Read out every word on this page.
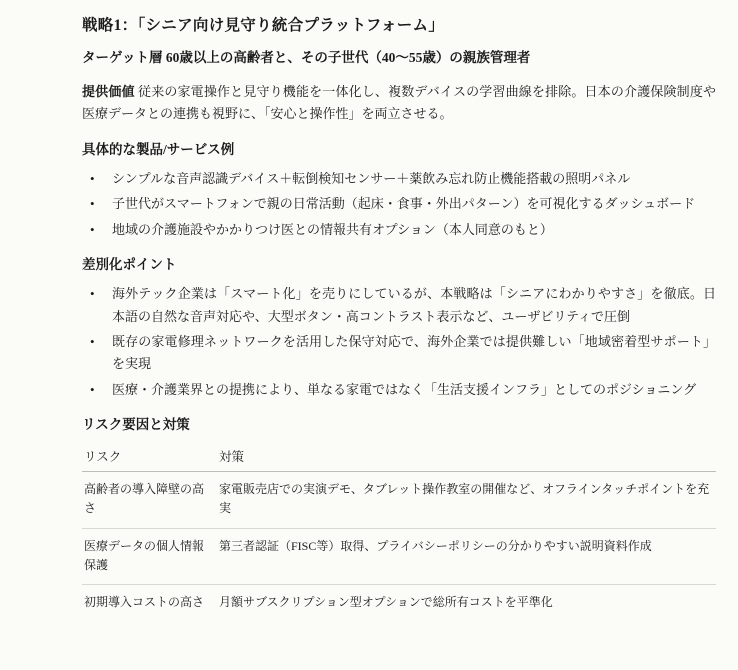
戦略1：「シニア向け見守り統合プラットフォーム」

ターゲット層 60歳以上の高齢者と、その子世代（40〜55歳）の親族管理者

提供価値 従来の家電操作と見守り機能を一体化し、複数デバイスの学習曲線を排除。日本の介護保険制度や医療データとの連携も視野に、「安心と操作性」を両立させる。

具体的な製品/サービス例
• シンプルな音声認識デバイス＋転倒検知センサー＋薬飲み忘れ防止機能搭載の照明パネル
• 子世代がスマートフォンで親の日常活動（起床・食事・外出パターン）を可視化するダッシュボード
• 地域の介護施設やかかりつけ医との情報共有オプション（本人同意のもと）
差別化ポイント
• 海外テック企業は「スマート化」を売りにしているが、本戦略は「シニアにわかりやすさ」を徹底。日本語の自然な音声対応や、大型ボタン・高コントラスト表示など、ユーザビリティで圧倒
• 既存の家電修理ネットワークを活用した保守対応で、海外企業では提供難しい「地域密着型サポート」を実現
• 医療・介護業界との提携により、単なる家電ではなく「生活支援インフラ」としてのポジショニング
リスク要因と対策
リスク	対策
高齢者の導入障壁の高さ	家電販売店での実演デモ、タブレット操作教室の開催など、オフラインタッチポイントを充実
医療データの個人情報保護	第三者認証（FISC等）取得、プライバシーポリシーの分かりやすい説明資料作成
初期導入コストの高さ	月額サブスクリプション型オプションで総所有コストを平準化
